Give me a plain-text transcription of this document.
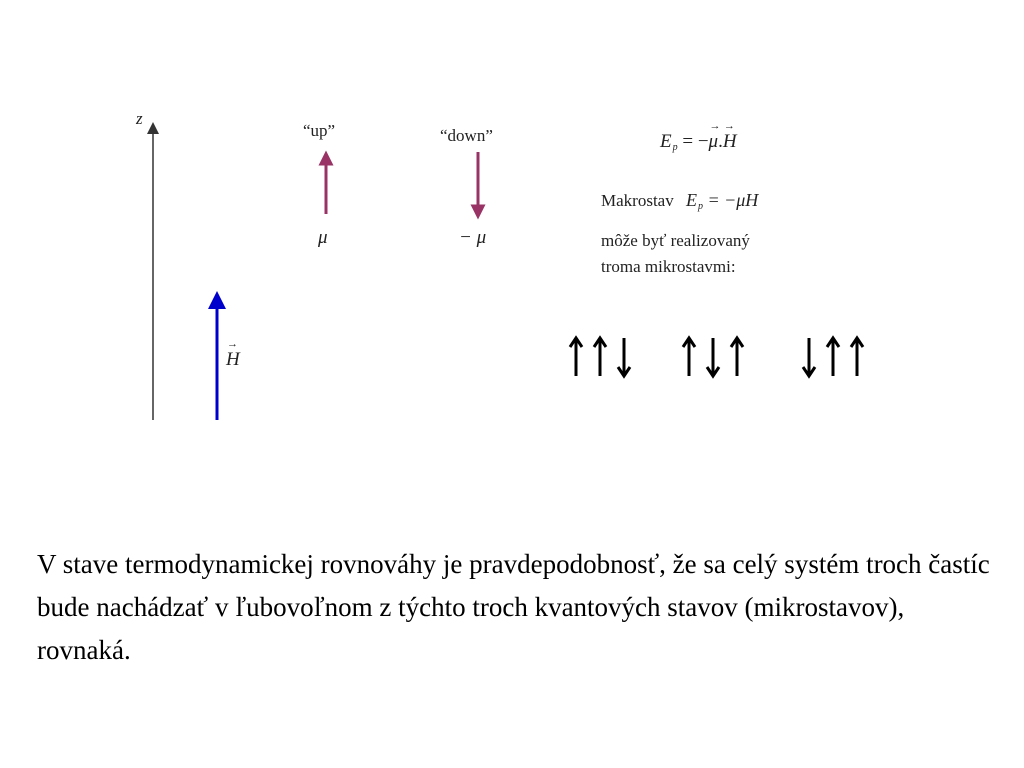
z
→ H
“up”	“down”
μ	− μ
$E_p$ = −→ μ.→ H
Makrostav $E_p = -\mu H$
môže byť realizovaný
troma mikrostavmi:
V stave termodynamickej rovnováhy je pravdepodobnosť, že sa celý systém troch častíc bude nachádzať v ľubovoľnom z týchto troch kvantových stavov (mikrostavov), rovnaká.
